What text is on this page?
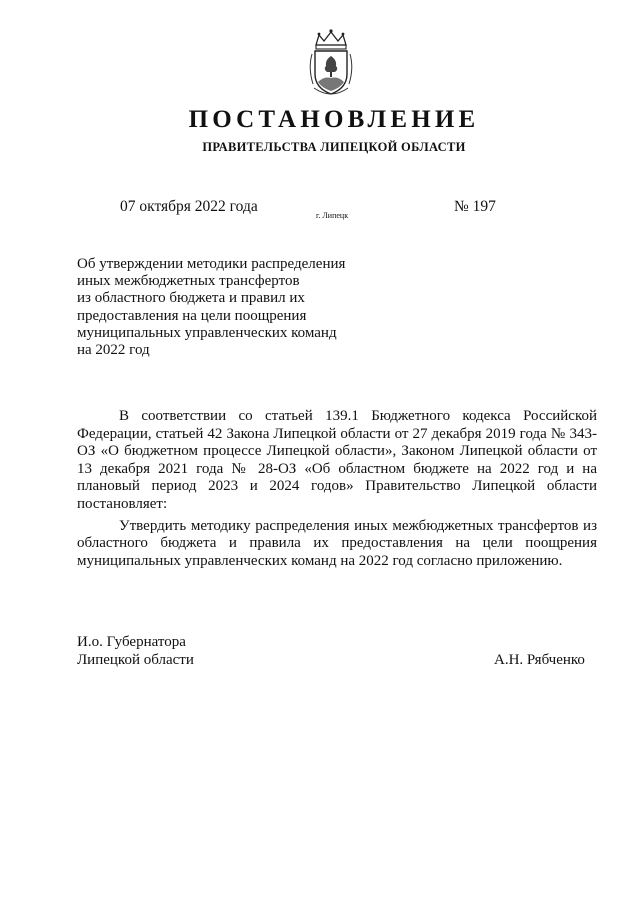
ПОСТАНОВЛЕНИЕ
ПРАВИТЕЛЬСТВА ЛИПЕЦКОЙ ОБЛАСТИ
07 октября 2022 года
г. Липецк
№ 197
Об утверждении методики распределения
иных межбюджетных трансфертов
из областного бюджета и правил их
предоставления на цели поощрения
муниципальных управленческих команд
на 2022 год

В соответствии со статьей 139.1 Бюджетного кодекса Российской Федерации, статьей 42 Закона Липецкой области от 27 декабря 2019 года № 343-ОЗ «О бюджетном процессе Липецкой области», Законом Липецкой области от 13 декабря 2021 года № 28-ОЗ «Об областном бюджете на 2022 год и на плановый период 2023 и 2024 годов» Правительство Липецкой области постановляет:

Утвердить методику распределения иных межбюджетных трансфертов из областного бюджета и правила их предоставления на цели поощрения муниципальных управленческих команд на 2022 год согласно приложению.

И.о. Губернатора
Липецкой области	А.Н. Рябченко
